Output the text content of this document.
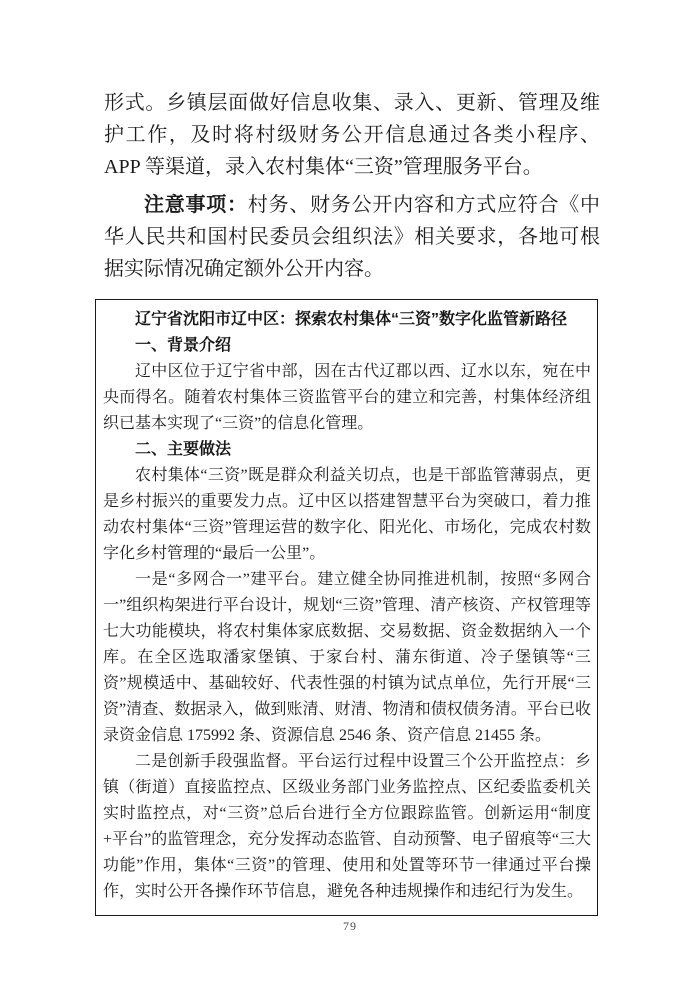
形式。乡镇层面做好信息收集、录入、更新、管理及维护工作，及时将村级财务公开信息通过各类小程序、APP 等渠道，录入农村集体“三资”管理服务平台。

注意事项：村务、财务公开内容和方式应符合《中华人民共和国村民委员会组织法》相关要求，各地可根据实际情况确定额外公开内容。

辽宁省沈阳市辽中区：探索农村集体“三资”数字化监管新路径

一、背景介绍

辽中区位于辽宁省中部，因在古代辽郡以西、辽水以东，宛在中央而得名。随着农村集体三资监管平台的建立和完善，村集体经济组织已基本实现了“三资”的信息化管理。

二、主要做法

农村集体“三资”既是群众利益关切点，也是干部监管薄弱点，更是乡村振兴的重要发力点。辽中区以搭建智慧平台为突破口，着力推动农村集体“三资”管理运营的数字化、阳光化、市场化，完成农村数字化乡村管理的“最后一公里”。

一是“多网合一”建平台。建立健全协同推进机制，按照“多网合一”组织构架进行平台设计，规划“三资”管理、清产核资、产权管理等七大功能模块，将农村集体家底数据、交易数据、资金数据纳入一个库。在全区选取潘家堡镇、于家台村、蒲东街道、冷子堡镇等“三资”规模适中、基础较好、代表性强的村镇为试点单位，先行开展“三资”清查、数据录入，做到账清、财清、物清和债权债务清。平台已收录资金信息 175992 条、资源信息 2546 条、资产信息 21455 条。

二是创新手段强监督。平台运行过程中设置三个公开监控点：乡镇（街道）直接监控点、区级业务部门业务监控点、区纪委监委机关实时监控点，对“三资”总后台进行全方位跟踪监管。创新运用“制度+平台”的监管理念，充分发挥动态监管、自动预警、电子留痕等“三大功能”作用，集体“三资”的管理、使用和处置等环节一律通过平台操作，实时公开各操作环节信息，避免各种违规操作和违纪行为发生。

79
